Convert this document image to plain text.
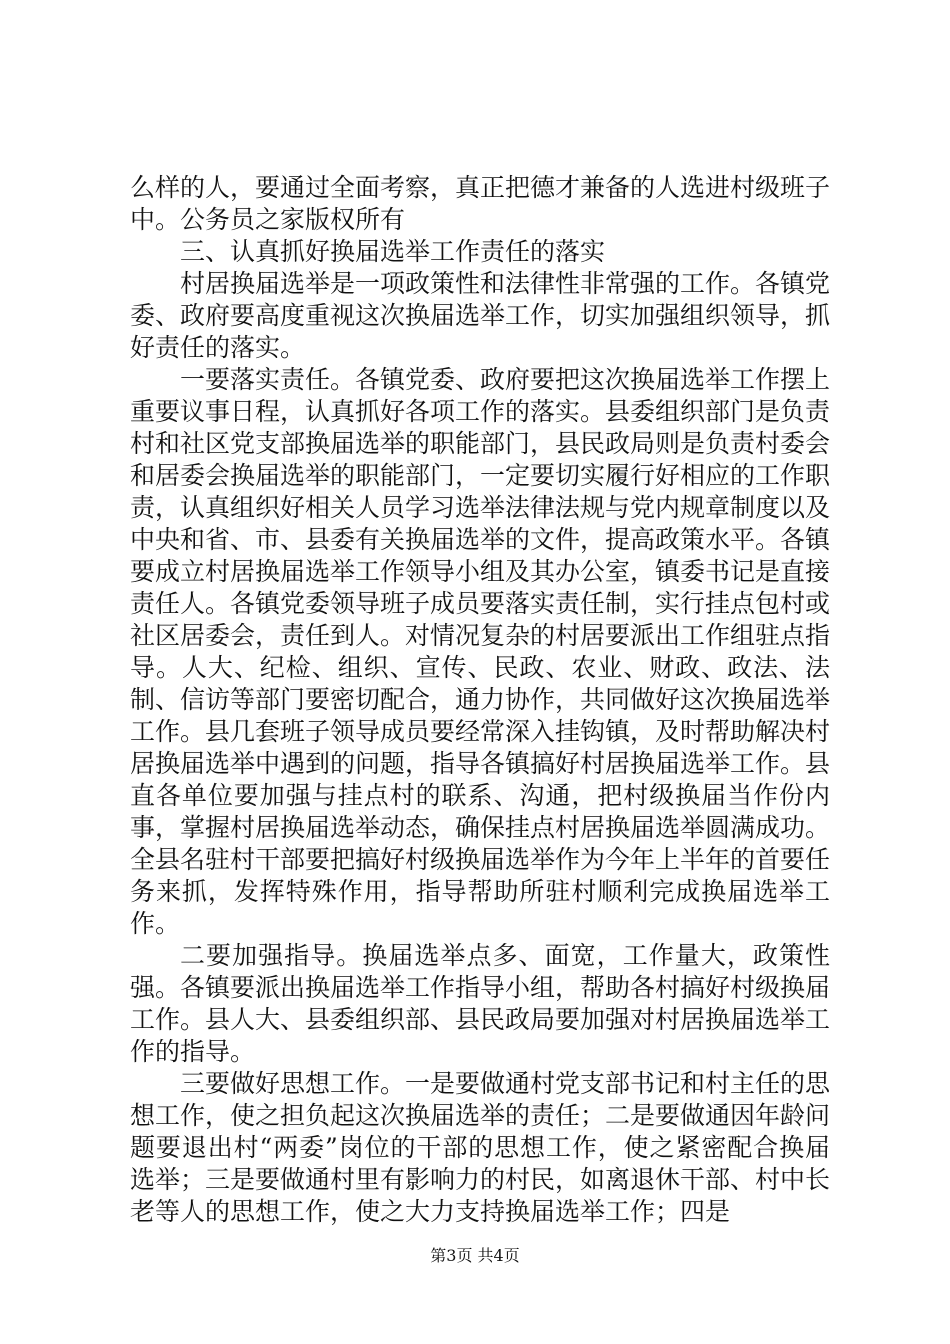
么样的人，要通过全面考察，真正把德才兼备的人选进村级班子中。公务员之家版权所有

三、认真抓好换届选举工作责任的落实

村居换届选举是一项政策性和法律性非常强的工作。各镇党委、政府要高度重视这次换届选举工作，切实加强组织领导，抓好责任的落实。

一要落实责任。各镇党委、政府要把这次换届选举工作摆上重要议事日程，认真抓好各项工作的落实。县委组织部门是负责村和社区党支部换届选举的职能部门，县民政局则是负责村委会和居委会换届选举的职能部门，一定要切实履行好相应的工作职责，认真组织好相关人员学习选举法律法规与党内规章制度以及中央和省、市、县委有关换届选举的文件，提高政策水平。各镇要成立村居换届选举工作领导小组及其办公室，镇委书记是直接责任人。各镇党委领导班子成员要落实责任制，实行挂点包村或社区居委会，责任到人。对情况复杂的村居要派出工作组驻点指导。人大、纪检、组织、宣传、民政、农业、财政、政法、法制、信访等部门要密切配合，通力协作，共同做好这次换届选举工作。县几套班子领导成员要经常深入挂钩镇，及时帮助解决村居换届选举中遇到的问题，指导各镇搞好村居换届选举工作。县直各单位要加强与挂点村的联系、沟通，把村级换届当作份内事，掌握村居换届选举动态，确保挂点村居换届选举圆满成功。全县名驻村干部要把搞好村级换届选举作为今年上半年的首要任务来抓，发挥特殊作用，指导帮助所驻村顺利完成换届选举工作。

二要加强指导。换届选举点多、面宽，工作量大，政策性强。各镇要派出换届选举工作指导小组，帮助各村搞好村级换届工作。县人大、县委组织部、县民政局要加强对村居换届选举工作的指导。

三要做好思想工作。一是要做通村党支部书记和村主任的思想工作，使之担负起这次换届选举的责任；二是要做通因年龄问题要退出村“两委”岗位的干部的思想工作，使之紧密配合换届选举；三是要做通村里有影响力的村民，如离退休干部、村中长老等人的思想工作，使之大力支持换届选举工作；四是

第3页 共4页
